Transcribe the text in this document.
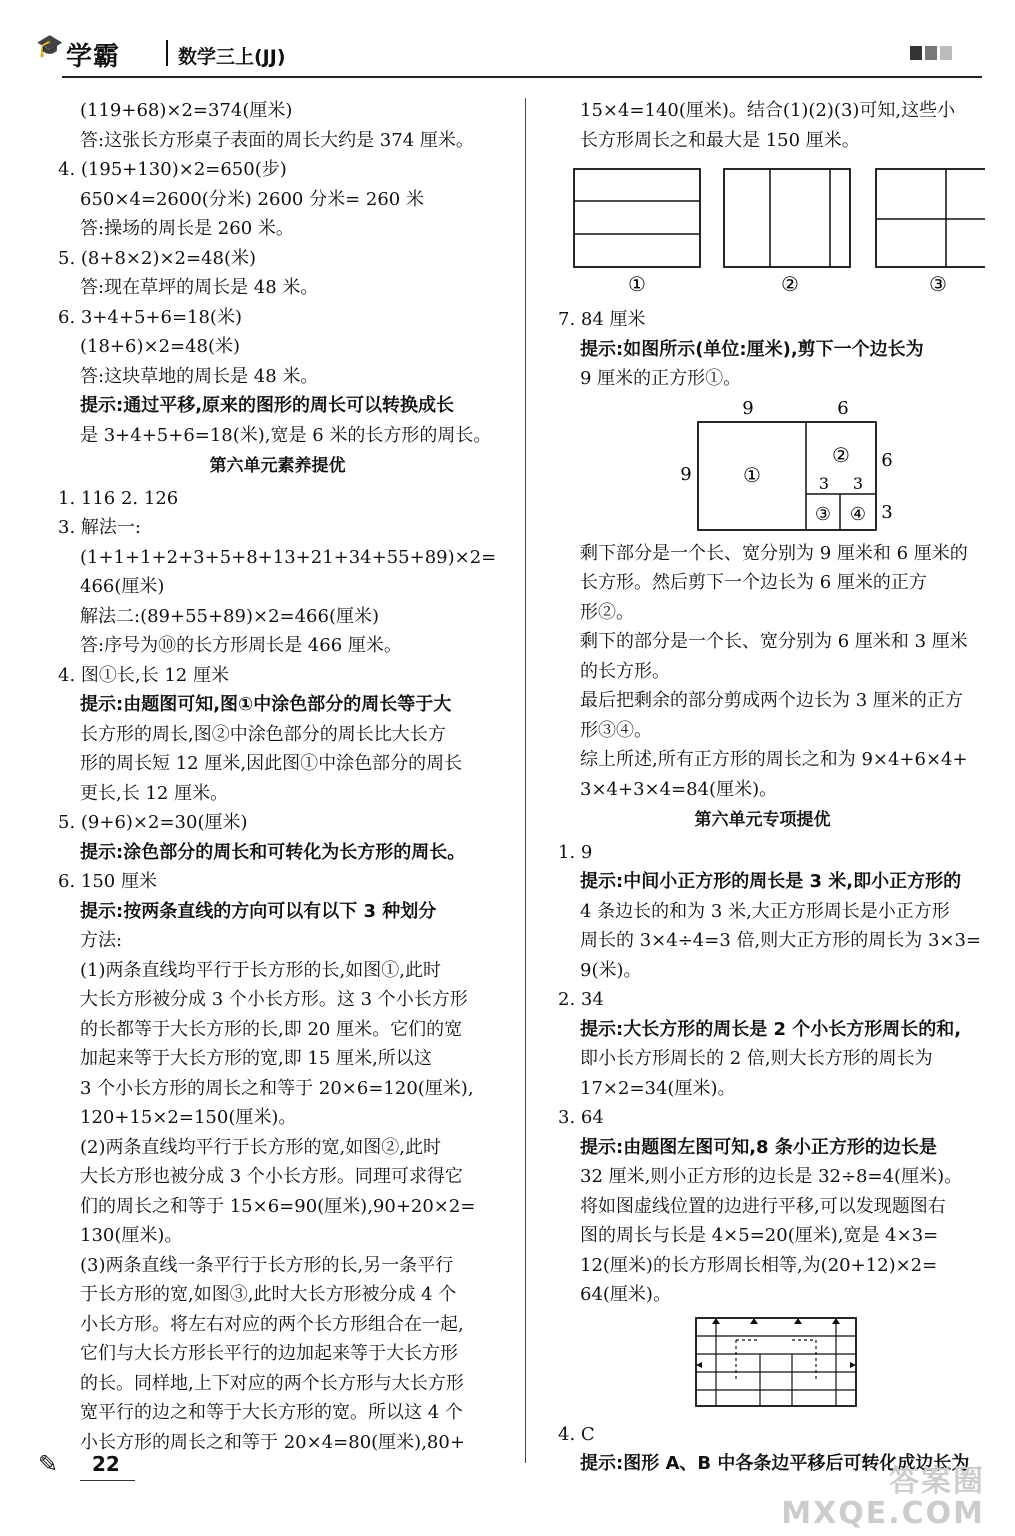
🎓 学霸	数学三上(JJ)

(119+68)×2=374(厘米)

答:这张长方形桌子表面的周长大约是 374 厘米。

4. (195+130)×2=650(步)

650×4=2600(分米) 2600 分米= 260 米

答:操场的周长是 260 米。

5. (8+8×2)×2=48(米)

答:现在草坪的周长是 48 米。

6. 3+4+5+6=18(米)

(18+6)×2=48(米)

答:这块草地的周长是 48 米。

提示:通过平移,原来的图形的周长可以转换成长

是 3+4+5+6=18(米),宽是 6 米的长方形的周长。

第六单元素养提优

1. 116 2. 126

3. 解法一:

(1+1+1+2+3+5+8+13+21+34+55+89)×2=

466(厘米)

解法二:(89+55+89)×2=466(厘米)

答:序号为⑩的长方形周长是 466 厘米。

4. 图①长,长 12 厘米

提示:由题图可知,图①中涂色部分的周长等于大

长方形的周长,图②中涂色部分的周长比大长方

形的周长短 12 厘米,因此图①中涂色部分的周长

更长,长 12 厘米。

5. (9+6)×2=30(厘米)

提示:涂色部分的周长和可转化为长方形的周长。

6. 150 厘米

提示:按两条直线的方向可以有以下 3 种划分

方法:

(1)两条直线均平行于长方形的长,如图①,此时

大长方形被分成 3 个小长方形。这 3 个小长方形

的长都等于大长方形的长,即 20 厘米。它们的宽

加起来等于大长方形的宽,即 15 厘米,所以这

3 个小长方形的周长之和等于 20×6=120(厘米),

120+15×2=150(厘米)。

(2)两条直线均平行于长方形的宽,如图②,此时

大长方形也被分成 3 个小长方形。同理可求得它

们的周长之和等于 15×6=90(厘米),90+20×2=

130(厘米)。

(3)两条直线一条平行于长方形的长,另一条平行

于长方形的宽,如图③,此时大长方形被分成 4 个

小长方形。将左右对应的两个长方形组合在一起,

它们与大长方形长平行的边加起来等于大长方形

的长。同样地,上下对应的两个长方形与大长方形

宽平行的边之和等于大长方形的宽。所以这 4 个

小长方形的周长之和等于 20×4=80(厘米),80+

15×4=140(厘米)。结合(1)(2)(3)可知,这些小

长方形周长之和最大是 150 厘米。

①	②	③

7. 84 厘米

提示:如图所示(单位:厘米),剪下一个边长为

9 厘米的正方形①。

9	6
9	①
②
3 3
③ ④
6
3

剩下部分是一个长、宽分别为 9 厘米和 6 厘米的

长方形。然后剪下一个边长为 6 厘米的正方

形②。

剩下的部分是一个长、宽分别为 6 厘米和 3 厘米

的长方形。

最后把剩余的部分剪成两个边长为 3 厘米的正方

形③④。

综上所述,所有正方形的周长之和为 9×4+6×4+

3×4+3×4=84(厘米)。

第六单元专项提优

1. 9

提示:中间小正方形的周长是 3 米,即小正方形的

4 条边长的和为 3 米,大正方形周长是小正方形

周长的 3×4÷4=3 倍,则大正方形的周长为 3×3=

9(米)。

2. 34

提示:大长方形的周长是 2 个小长方形周长的和,

即小长方形周长的 2 倍,则大长方形的周长为

17×2=34(厘米)。

3. 64

提示:由题图左图可知,8 条小正方形的边长是

32 厘米,则小正方形的边长是 32÷8=4(厘米)。

将如图虚线位置的边进行平移,可以发现题图右

图的周长与长是 4×5=20(厘米),宽是 4×3=

12(厘米)的长方形周长相等,为(20+12)×2=

64(厘米)。

4. C

提示:图形 A、B 中各条边平移后可转化成边长为

✎ 22	答案圈
MXQE.COM
